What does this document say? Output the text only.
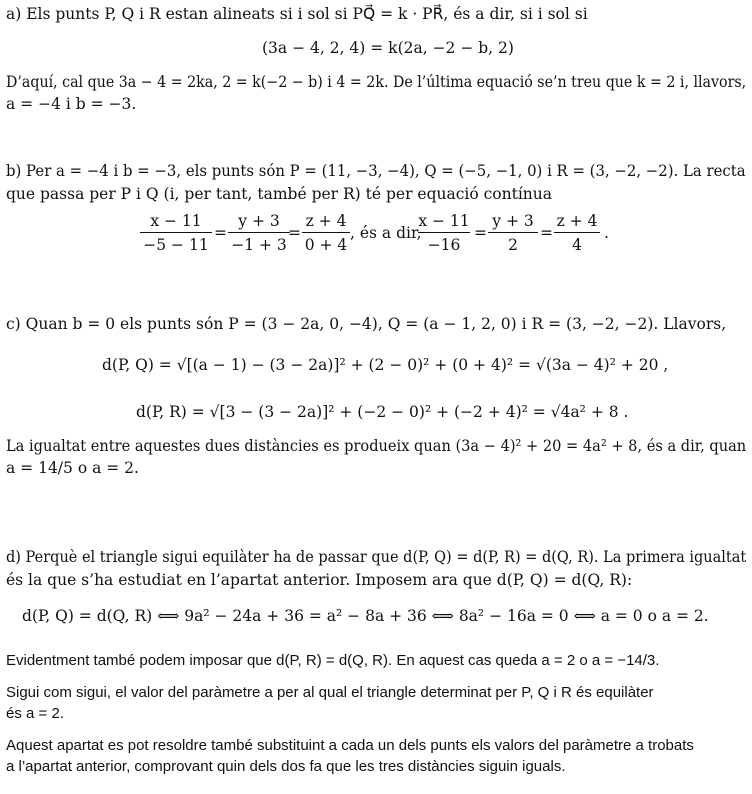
a) Els punts P, Q i R estan alineats si i sol si PQ⃗ = k · PR⃗, és a dir, si i sol si
(3a − 4, 2, 4) = k(2a, −2 − b, 2)
D’aquí, cal que 3a − 4 = 2ka, 2 = k(−2 − b) i 4 = 2k. De l’última equació se’n treu que k = 2 i, llavors,
a = −4 i b = −3.
b) Per a = −4 i b = −3, els punts són P = (11, −3, −4), Q = (−5, −1, 0) i R = (3, −2, −2). La recta
que passa per P i Q (i, per tant, també per R) té per equació contínua
x − 11
−5 − 11
=
y + 3
−1 + 3
=
z + 4
0 + 4
, és a dir,
x − 11
−16
=
y + 3
2
=
z + 4
4
.
c) Quan b = 0 els punts són P = (3 − 2a, 0, −4), Q = (a − 1, 2, 0) i R = (3, −2, −2). Llavors,
d(P, Q) = √[(a − 1) − (3 − 2a)]² + (2 − 0)² + (0 + 4)² = √(3a − 4)² + 20 ,
d(P, R) = √[3 − (3 − 2a)]² + (−2 − 0)² + (−2 + 4)² = √4a² + 8 .
La igualtat entre aquestes dues distàncies es produeix quan (3a − 4)² + 20 = 4a² + 8, és a dir, quan
a = 14/5 o a = 2.
d) Perquè el triangle sigui equilàter ha de passar que d(P, Q) = d(P, R) = d(Q, R). La primera igualtat
és la que s’ha estudiat en l’apartat anterior. Imposem ara que d(P, Q) = d(Q, R):
d(P, Q) = d(Q, R) ⟺ 9a² − 24a + 36 = a² − 8a + 36 ⟺ 8a² − 16a = 0 ⟺ a = 0 o a = 2.
Evidentment també podem imposar que d(P, R) = d(Q, R). En aquest cas queda a = 2 o a = −14/3.
Sigui com sigui, el valor del paràmetre a per al qual el triangle determinat per P, Q i R és equilàter
és a = 2.
Aquest apartat es pot resoldre també substituint a cada un dels punts els valors del paràmetre a trobats
a l’apartat anterior, comprovant quin dels dos fa que les tres distàncies siguin iguals.
